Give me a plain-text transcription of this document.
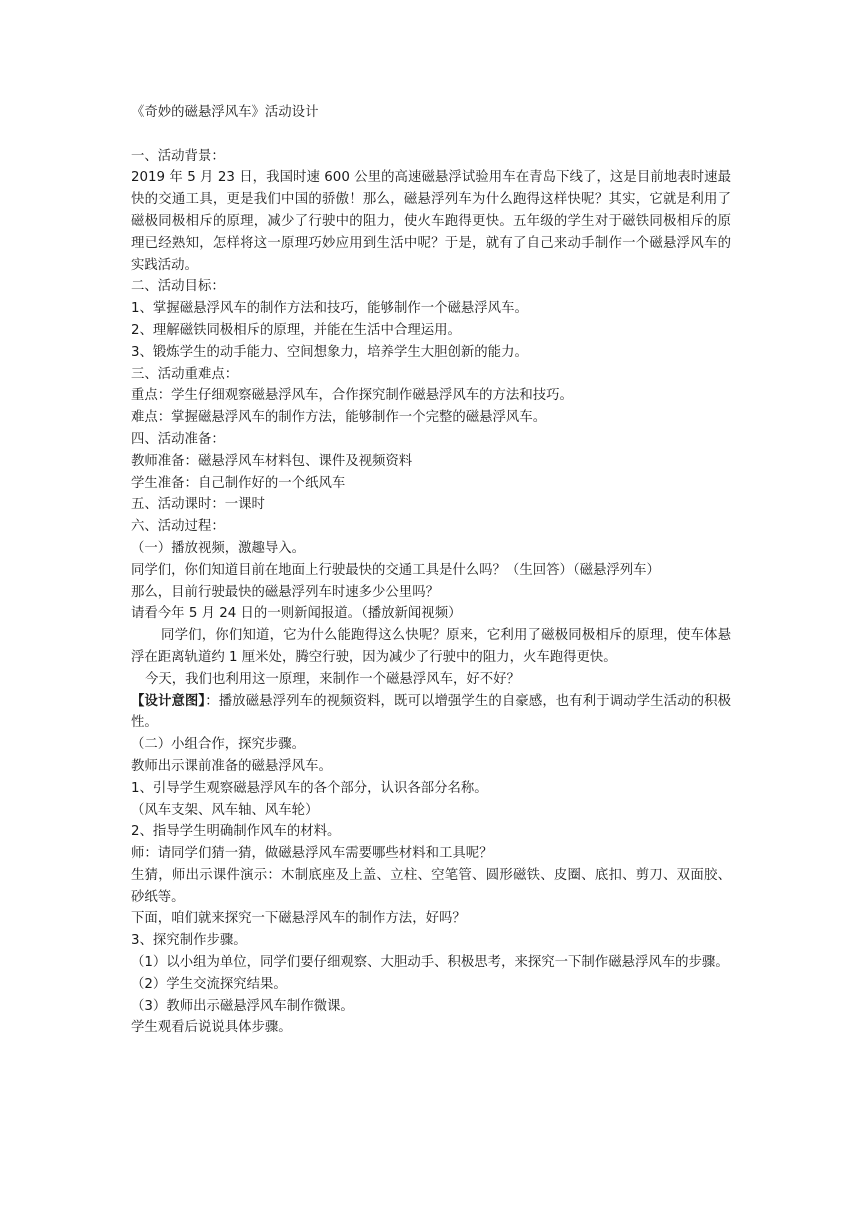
《奇妙的磁悬浮风车》活动设计

一、活动背景：

2019 年 5 月 23 日，我国时速 600 公里的高速磁悬浮试验用车在青岛下线了，这是目前地表时速最快的交通工具，更是我们中国的骄傲！那么，磁悬浮列车为什么跑得这样快呢？其实，它就是利用了磁极同极相斥的原理，减少了行驶中的阻力，使火车跑得更快。五年级的学生对于磁铁同极相斥的原理已经熟知，怎样将这一原理巧妙应用到生活中呢？于是，就有了自己来动手制作一个磁悬浮风车的实践活动。

二、活动目标：

1、掌握磁悬浮风车的制作方法和技巧，能够制作一个磁悬浮风车。

2、理解磁铁同极相斥的原理，并能在生活中合理运用。

3、锻炼学生的动手能力、空间想象力，培养学生大胆创新的能力。

三、活动重难点：

重点：学生仔细观察磁悬浮风车，合作探究制作磁悬浮风车的方法和技巧。

难点：掌握磁悬浮风车的制作方法，能够制作一个完整的磁悬浮风车。

四、活动准备：

教师准备：磁悬浮风车材料包、课件及视频资料

学生准备：自己制作好的一个纸风车

五、活动课时：一课时

六、活动过程：

（一）播放视频，激趣导入。

同学们，你们知道目前在地面上行驶最快的交通工具是什么吗？（生回答）（磁悬浮列车）

那么，目前行驶最快的磁悬浮列车时速多少公里吗？

请看今年 5 月 24 日的一则新闻报道。（播放新闻视频）

同学们，你们知道，它为什么能跑得这么快呢？原来，它利用了磁极同极相斥的原理，使车体悬浮在距离轨道约 1 厘米处，腾空行驶，因为减少了行驶中的阻力，火车跑得更快。

今天，我们也利用这一原理，来制作一个磁悬浮风车，好不好？

【设计意图】：播放磁悬浮列车的视频资料，既可以增强学生的自豪感，也有利于调动学生活动的积极性。

（二）小组合作，探究步骤。

教师出示课前准备的磁悬浮风车。

1、引导学生观察磁悬浮风车的各个部分，认识各部分名称。

（风车支架、风车轴、风车轮）

2、指导学生明确制作风车的材料。

师：请同学们猜一猜，做磁悬浮风车需要哪些材料和工具呢？

生猜，师出示课件演示：木制底座及上盖、立柱、空笔管、圆形磁铁、皮圈、底扣、剪刀、双面胶、砂纸等。

下面，咱们就来探究一下磁悬浮风车的制作方法，好吗？

3、探究制作步骤。

（1）以小组为单位，同学们要仔细观察、大胆动手、积极思考，来探究一下制作磁悬浮风车的步骤。

（2）学生交流探究结果。

（3）教师出示磁悬浮风车制作微课。

学生观看后说说具体步骤。
